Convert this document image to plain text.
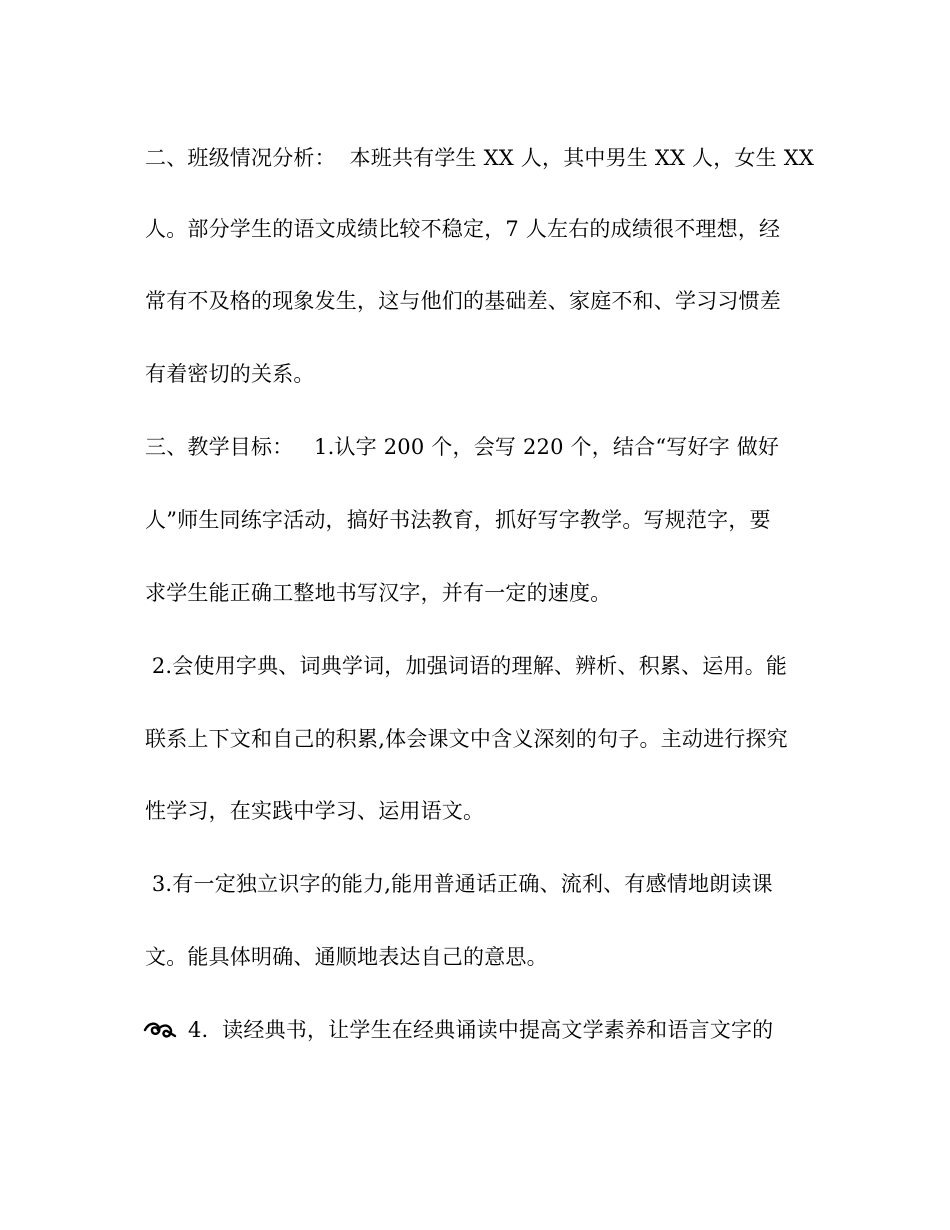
二、班级情况分析：  本班共有学生 XX 人，其中男生 XX 人，女生 XX
人。部分学生的语文成绩比较不稳定，7 人左右的成绩很不理想，经
常有不及格的现象发生，这与他们的基础差、家庭不和、学习习惯差
有着密切的关系。
三、教学目标：   1.认字 200 个，会写 220 个，结合“写好字 做好
人”师生同练字活动，搞好书法教育，抓好写字教学。写规范字，要
求学生能正确工整地书写汉字，并有一定的速度。
2.会使用字典、词典学词，加强词语的理解、辨析、积累、运用。能
联系上下文和自己的积累,体会课文中含义深刻的句子。主动进行探究
性学习，在实践中学习、运用语文。
3.有一定独立识字的能力,能用普通话正确、流利、有感情地朗读课
文。能具体明确、通顺地表达自己的意思。
4.  读经典书，让学生在经典诵读中提高文学素养和语言文字的
